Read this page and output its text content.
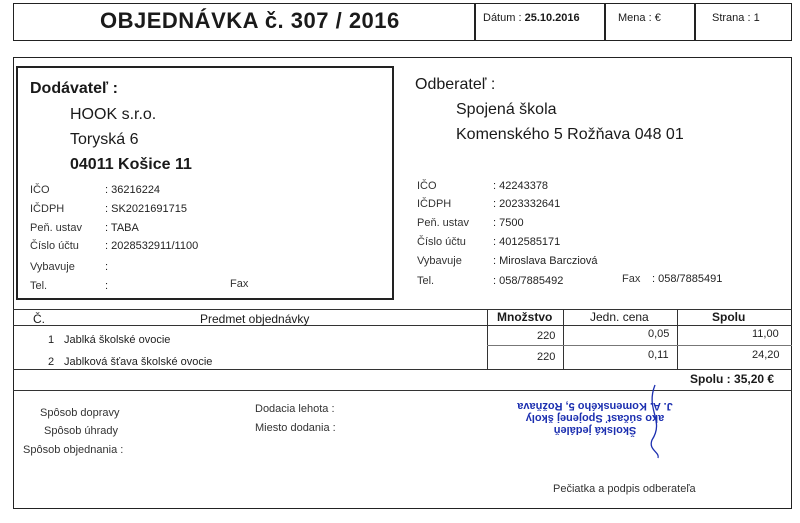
OBJEDNÁVKA č. 307 / 2016	Dátum : 25.10.2016	Mena : €	Strana : 1
Dodávateľ :
HOOK s.r.o.
Toryská 6
04011 Košice 11
IČO	: 36216224
IČDPH	: SK2021691715
Peň. ustav : TABA
Číslo účtu : 2028532911/1100
Vybavuje	:
Tel.	:	Fax
Odberateľ :
Spojená škola
Komenského 5 Rožňava 048 01
IČO	: 42243378
IČDPH	: 2023332641
Peň. ustav : 7500
Číslo účtu : 4012585171
Vybavuje	: Miroslava Barcziová
Tel.	: 058/7885492	Fax : 058/7885491
Č.	Predmet objednávky	Množstvo	Jedn. cena	Spolu
1 Jablká školské ovocie	220	0,05	11,00
2 Jablková šťava školské ovocie	220	0,11	24,20
Spolu : 35,20 €
Spôsob dopravy
Spôsob úhrady
Spôsob objednania :
Dodacia lehota :
Miesto dodania :
Pečiatka a podpis odberateľa
Školská jedáleň
ako súčasť Spojenej školy
J. A. Komenského 5, Rožňava
